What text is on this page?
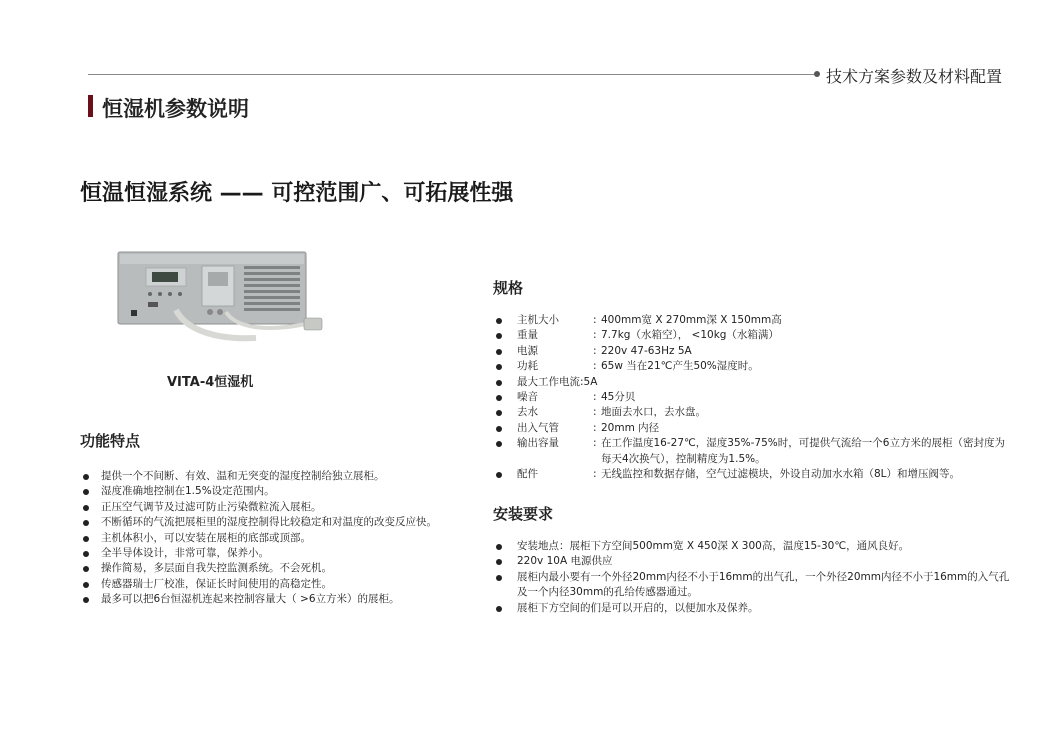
技术方案参数及材料配置
恒湿机参数说明
恒温恒湿系统 —— 可控范围广、可拓展性强
VITA-4恒湿机
功能特点
提供一个不间断、有效、温和无突变的湿度控制给独立展柜。
湿度准确地控制在1.5%设定范围内。
正压空气调节及过滤可防止污染微粒流入展柜。
不断循环的气流把展柜里的湿度控制得比较稳定和对温度的改变反应快。
主机体积小，可以安装在展柜的底部或顶部。
全半导体设计，非常可靠，保养小。
操作简易，多层面自我失控监测系统。不会死机。
传感器瑞士厂校准，保证长时间使用的高稳定性。
最多可以把6台恒湿机连起来控制容量大（ >6立方米）的展柜。
规格
主机大小	: 400mm宽 X 270mm深 X 150mm高
重量	: 7.7kg（水箱空）， <10kg（水箱满）
电源	: 220v 47-63Hz 5A
功耗	: 65w 当在21℃产生50%湿度时。
最大工作电流:5A
噪音	: 45分贝
去水	: 地面去水口，去水盘。
出入气管	: 20mm 内径
输出容量	: 在工作温度16-27℃，湿度35%-75%时，可提供气流给一个6立方米的展柜（密封度为每天4次换气），控制精度为1.5%。
配件	: 无线监控和数据存储，空气过滤模块，外设自动加水水箱（8L）和增压阀等。
安装要求
安装地点：展柜下方空间500mm宽 X 450深 X 300高，温度15-30℃，通风良好。
220v 10A 电源供应
展柜内最小要有一个外径20mm内径不小于16mm的出气孔，一个外径20mm内径不小于16mm的入气孔及一个内径30mm的孔给传感器通过。
展柜下方空间的们是可以开启的，以便加水及保养。
